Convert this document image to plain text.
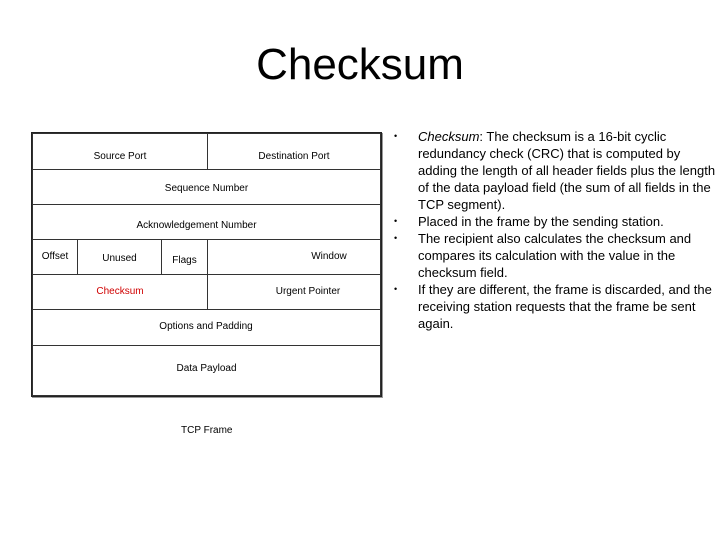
Checksum
Source Port	Destination Port
Sequence Number
Acknowledgement Number
Offset	Unused	Flags	Window
Checksum	Urgent Pointer
Options and Padding
Data Payload
TCP Frame
• Checksum: The checksum is a 16-bit cyclic redundancy check (CRC) that is computed by adding the length of all header fields plus the length of the data payload field (the sum of all fields in the TCP segment).
• Placed in the frame by the sending station.
• The recipient also calculates the checksum and compares its calculation with the value in the checksum field.
• If they are different, the frame is discarded, and the receiving station requests that the frame be sent again.
